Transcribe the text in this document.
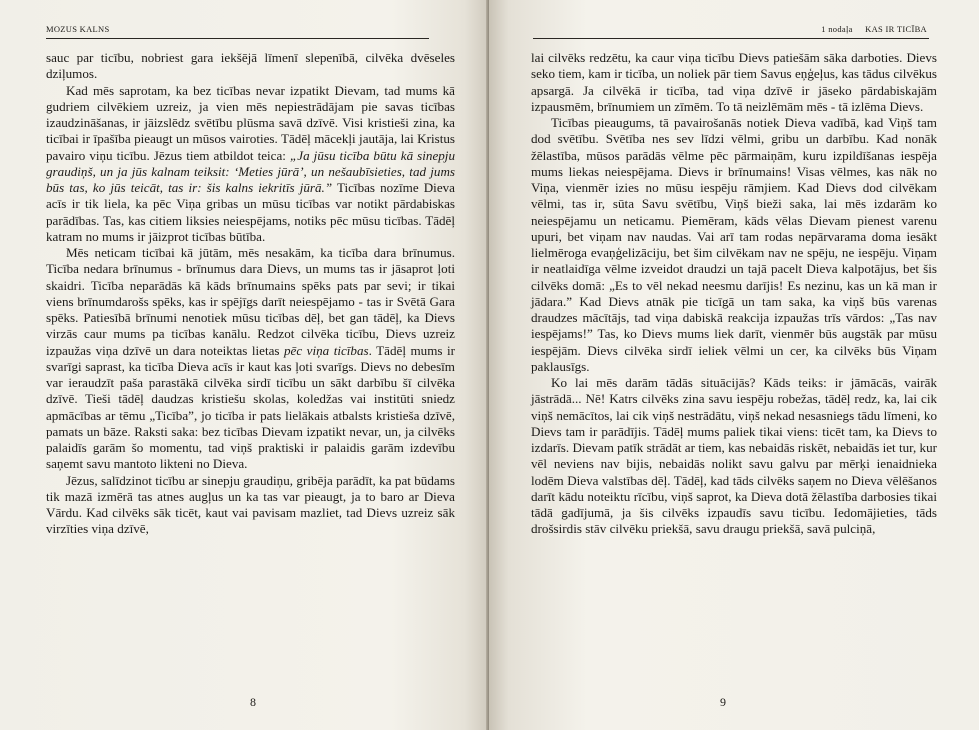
MOZUS KALNS

sauc par ticību, nobriest gara iekšējā līmenī slepenībā, cilvēka dvēseles dziļumos.

Kad mēs saprotam, ka bez ticības nevar izpatikt Dievam, tad mums kā gudriem cilvēkiem uzreiz, ja vien mēs nepiestrādājam pie savas ticības izaudzināšanas, ir jāizslēdz svētību plūsma savā dzīvē. Visi kristieši zina, ka ticībai ir īpašība pieaugt un mūsos vairoties. Tādēļ mācekļi jautāja, lai Kristus pavairo viņu ticību. Jēzus tiem atbildot teica: „Ja jūsu ticība būtu kā sinepju graudiņš, un ja jūs kalnam teiksit: ‘Meties jūrā’, un nešaubīsieties, tad jums būs tas, ko jūs teicāt, tas ir: šis kalns iekritīs jūrā.” Ticības nozīme Dieva acīs ir tik liela, ka pēc Viņa gribas un mūsu ticības var notikt pārdabiskas parādības. Tas, kas citiem liksies neiespējams, notiks pēc mūsu ticības. Tādēļ katram no mums ir jāizprot ticības būtība.

Mēs neticam ticībai kā jūtām, mēs nesakām, ka ticība dara brīnumus. Ticība nedara brīnumus - brīnumus dara Dievs, un mums tas ir jāsaprot ļoti skaidri. Ticība neparādās kā kāds brīnumains spēks pats par sevi; ir tikai viens brīnumdarošs spēks, kas ir spējīgs darīt neiespējamo - tas ir Svētā Gara spēks. Patiesībā brīnumi nenotiek mūsu ticības dēļ, bet gan tādēļ, ka Dievs virzās caur mums pa ticības kanālu. Redzot cilvēka ticību, Dievs uzreiz izpaužas viņa dzīvē un dara noteiktas lietas pēc viņa ticības. Tādēļ mums ir svarīgi saprast, ka ticība Dieva acīs ir kaut kas ļoti svarīgs. Dievs no debesīm var ieraudzīt paša parastākā cilvēka sirdī ticību un sākt darbību šī cilvēka dzīvē. Tieši tādēļ daudzas kristiešu skolas, koledžas vai institūti sniedz apmācības ar tēmu „Ticība”, jo ticība ir pats lielākais atbalsts kristieša dzīvē, pamats un bāze. Raksti saka: bez ticības Dievam izpatikt nevar, un, ja cilvēks palaidīs garām šo momentu, tad viņš praktiski ir palaidis garām izdevību saņemt savu mantoto likteni no Dieva.

Jēzus, salīdzinot ticību ar sinepju graudiņu, gribēja parādīt, ka pat būdams tik mazā izmērā tas atnes augļus un ka tas var pieaugt, ja to baro ar Dieva Vārdu. Kad cilvēks sāk ticēt, kaut vai pavisam mazliet, tad Dievs uzreiz sāk virzīties viņa dzīvē,

8
1 nodaļa KAS IR TICĪBA

lai cilvēks redzētu, ka caur viņa ticību Dievs patiešām sāka darboties. Dievs seko tiem, kam ir ticība, un noliek pār tiem Savus eņģeļus, kas tādus cilvēkus apsargā. Ja cilvēkā ir ticība, tad viņa dzīvē ir jāseko pārdabiskajām izpausmēm, brīnumiem un zīmēm. To tā neizlēmām mēs - tā izlēma Dievs.

Ticības pieaugums, tā pavairošanās notiek Dieva vadībā, kad Viņš tam dod svētību. Svētība nes sev līdzi vēlmi, gribu un darbību. Kad nonāk žēlastība, mūsos parādās vēlme pēc pārmaiņām, kuru izpildīšanas iespēja mums liekas neiespējama. Dievs ir brīnumains! Visas vēlmes, kas nāk no Viņa, vienmēr izies no mūsu iespēju rāmjiem. Kad Dievs dod cilvēkam vēlmi, tas ir, sūta Savu svētību, Viņš bieži saka, lai mēs izdarām ko neiespējamu un neticamu. Piemēram, kāds vēlas Dievam pienest varenu upuri, bet viņam nav naudas. Vai arī tam rodas nepārvarama doma iesākt lielmēroga evaņģelizāciju, bet šim cilvēkam nav ne spēju, ne iespēju. Viņam ir neatlaidīga vēlme izveidot draudzi un tajā pacelt Dieva kalpotājus, bet šis cilvēks domā: „Es to vēl nekad neesmu darījis! Es nezinu, kas un kā man ir jādara.” Kad Dievs atnāk pie ticīgā un tam saka, ka viņš būs varenas draudzes mācītājs, tad viņa dabiskā reakcija izpaužas trīs vārdos: „Tas nav iespējams!” Tas, ko Dievs mums liek darīt, vienmēr būs augstāk par mūsu iespējām. Dievs cilvēka sirdī ieliek vēlmi un cer, ka cilvēks būs Viņam paklausīgs.

Ko lai mēs darām tādās situācijās? Kāds teiks: ir jāmācās, vairāk jāstrādā... Nē! Katrs cilvēks zina savu iespēju robežas, tādēļ redz, ka, lai cik viņš nemācītos, lai cik viņš nestrādātu, viņš nekad nesasniegs tādu līmeni, ko Dievs tam ir parādījis. Tādēļ mums paliek tikai viens: ticēt tam, ka Dievs to izdarīs. Dievam patīk strādāt ar tiem, kas nebaidās riskēt, nebaidās iet tur, kur vēl neviens nav bijis, nebaidās nolikt savu galvu par mērķi ienaidnieka lodēm Dieva valstības dēļ. Tādēļ, kad tāds cilvēks saņem no Dieva vēlēšanos darīt kādu noteiktu rīcību, viņš saprot, ka Dieva dotā žēlastība darbosies tikai tādā gadījumā, ja šis cilvēks izpaudīs savu ticību. Iedomājieties, tāds drošsirdis stāv cilvēku priekšā, savu draugu priekšā, savā pulciņā,

9
